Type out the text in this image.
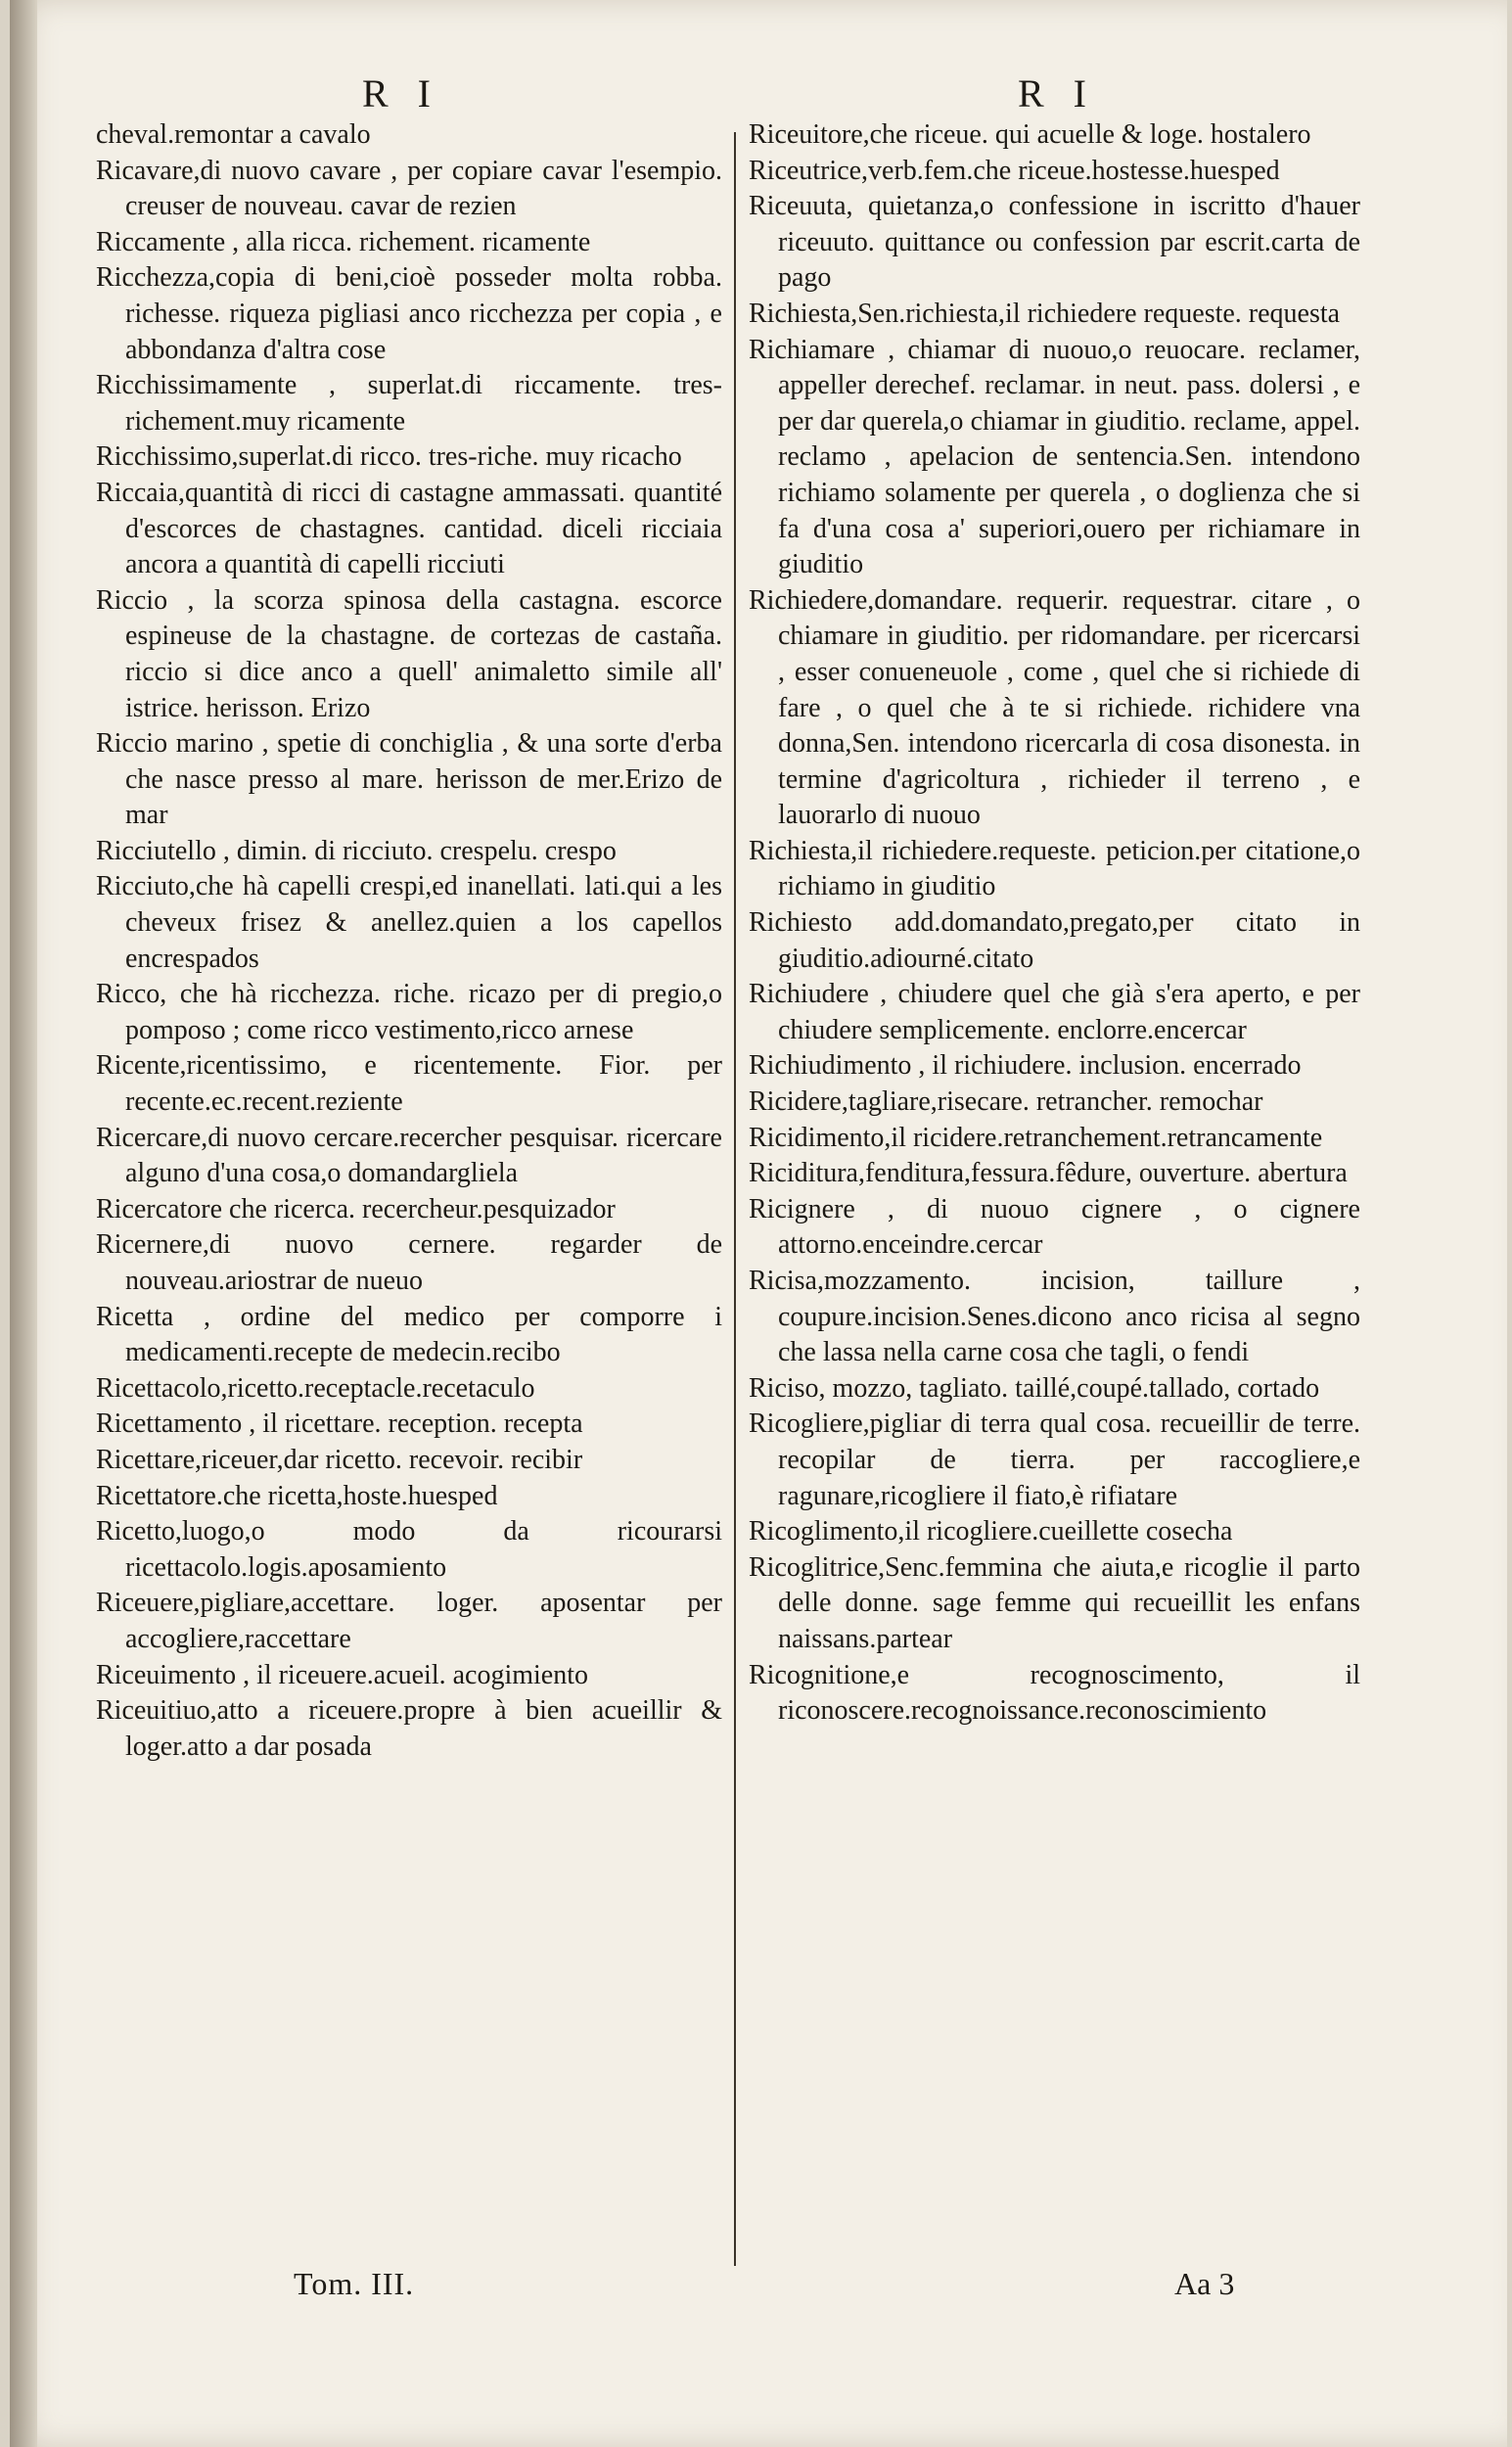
R I	R I

cheval.remontar a cavalo

Ricavare,di nuovo cavare , per copiare cavar l'esempio. creuser de nouveau. cavar de rezien

Riccamente , alla ricca. richement. ricamente

Ricchezza,copia di beni,cioè posseder molta robba. richesse. riqueza pigliasi anco ricchezza per copia , e abbondanza d'altra cose

Ricchissimamente , superlat.di riccamente. tres-richement.muy ricamente

Ricchissimo,superlat.di ricco. tres-riche. muy ricacho

Riccaia,quantità di ricci di castagne ammassati. quantité d'escorces de chastagnes. cantidad. diceli ricciaia ancora a quantità di capelli ricciuti

Riccio , la scorza spinosa della castagna. escorce espineuse de la chastagne. de cortezas de castaña. riccio si dice anco a quell' animaletto simile all' istrice. herisson. Erizo

Riccio marino , spetie di conchiglia , & una sorte d'erba che nasce presso al mare. herisson de mer.Erizo de mar

Ricciutello , dimin. di ricciuto. crespelu. crespo

Ricciuto,che hà capelli crespi,ed inanellati. lati.qui a les cheveux frisez & anellez.quien a los capellos encrespados

Ricco, che hà ricchezza. riche. ricazo per di pregio,o pomposo ; come ricco vestimento,ricco arnese

Ricente,ricentissimo, e ricentemente. Fior. per recente.ec.recent.reziente

Ricercare,di nuovo cercare.recercher pesquisar. ricercare alguno d'una cosa,o domandargliela

Ricercatore che ricerca. recercheur.pesquizador

Ricernere,di nuovo cernere. regarder de nouveau.ariostrar de nueuo

Ricetta , ordine del medico per comporre i medicamenti.recepte de medecin.recibo

Ricettacolo,ricetto.receptacle.recetaculo

Ricettamento , il ricettare. reception. recepta

Ricettare,riceuer,dar ricetto. recevoir. recibir

Ricettatore.che ricetta,hoste.huesped

Ricetto,luogo,o modo da ricourarsi ricettacolo.logis.aposamiento

Riceuere,pigliare,accettare. loger. aposentar per accogliere,raccettare

Riceuimento , il riceuere.acueil. acogimiento

Riceuitiuo,atto a riceuere.propre à bien acueillir & loger.atto a dar posada

Riceuitore,che riceue. qui acuelle & loge. hostalero

Riceutrice,verb.fem.che riceue.hostesse.huesped

Riceuuta, quietanza,o confessione in iscritto d'hauer riceuuto. quittance ou confession par escrit.carta de pago

Richiesta,Sen.richiesta,il richiedere requeste. requesta

Richiamare , chiamar di nuouo,o reuocare. reclamer, appeller derechef. reclamar. in neut. pass. dolersi , e per dar querela,o chiamar in giuditio. reclame, appel. reclamo , apelacion de sentencia.Sen. intendono richiamo solamente per querela , o doglienza che si fa d'una cosa a' superiori,ouero per richiamare in giuditio

Richiedere,domandare. requerir. requestrar. citare , o chiamare in giuditio. per ridomandare. per ricercarsi , esser conueneuole , come , quel che si richiede di fare , o quel che à te si richiede. richidere vna donna,Sen. intendono ricercarla di cosa disonesta. in termine d'agricoltura , richieder il terreno , e lauorarlo di nuouo

Richiesta,il richiedere.requeste. peticion.per citatione,o richiamo in giuditio

Richiesto add.domandato,pregato,per citato in giuditio.adiourné.citato

Richiudere , chiudere quel che già s'era aperto, e per chiudere semplicemente. enclorre.encercar

Richiudimento , il richiudere. inclusion. encerrado

Ricidere,tagliare,risecare. retrancher. remochar

Ricidimento,il ricidere.retranchement.retrancamente

Riciditura,fenditura,fessura.fêdure, ouverture. abertura

Ricignere , di nuouo cignere , o cignere attorno.enceindre.cercar

Ricisa,mozzamento. incision, taillure , coupure.incision.Senes.dicono anco ricisa al segno che lassa nella carne cosa che tagli, o fendi

Riciso, mozzo, tagliato. taillé,coupé.tallado, cortado

Ricogliere,pigliar di terra qual cosa. recueillir de terre. recopilar de tierra. per raccogliere,e ragunare,ricogliere il fiato,è rifiatare

Ricoglimento,il ricogliere.cueillette cosecha

Ricoglitrice,Senc.femmina che aiuta,e ricoglie il parto delle donne. sage femme qui recueillit les enfans naissans.partear

Ricognitione,e recognoscimento, il riconoscere.recognoissance.reconoscimiento

Tom. III.	Aa 3
